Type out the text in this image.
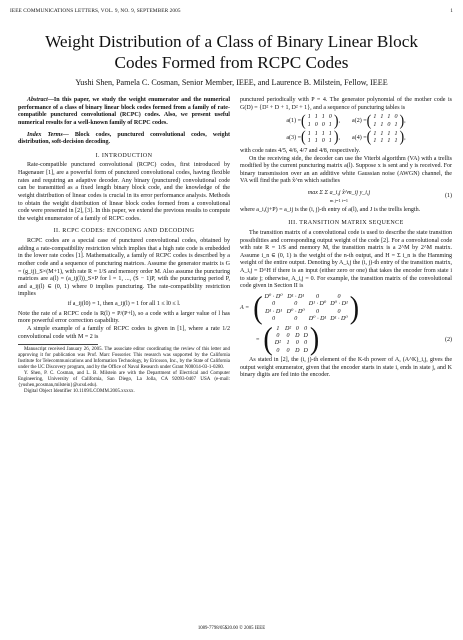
IEEE COMMUNICATIONS LETTERS, VOL. 9, NO. 9, SEPTEMBER 2005	1
Weight Distribution of a Class of Binary Linear Block Codes Formed from RCPC Codes
Yushi Shen, Pamela C. Cosman, Senior Member, IEEE, and Laurence B. Milstein, Fellow, IEEE

Abstract—In this paper, we study the weight enumerator and the numerical performance of a class of binary linear block codes formed from a family of rate-compatible punctured convolutional (RCPC) codes. Also, we present useful numerical results for a well-known family of RCPC codes.

Index Terms— Block codes, punctured convolutional codes, weight distribution, soft-decision decoding.

I. INTRODUCTION

Rate-compatible punctured convolutional (RCPC) codes, first introduced by Hagenauer [1], are a powerful form of punctured convolutional codes, having flexible rates and requiring an adaptive decoder. Any binary (punctured) convolutional code can be transmitted as a fixed length binary block code, and the knowledge of the weight distribution of linear codes is crucial in its error performance analysis. Methods to obtain the weight distribution of linear block codes formed from a convolutional code were presented in [2], [3]. In this paper, we extend the previous results to compute the weight enumerator of a family of RCPC codes.

II. RCPC CODES: ENCODING AND DECODING

RCPC codes are a special case of punctured convolutional codes, obtained by adding a rate-compatibility restriction which implies that a high rate code is embedded in the lower rate codes [1]. Mathematically, a family of RCPC codes is described by a mother code and a sequence of puncturing matrices. Assume the generator matrix is G = (g_ij)_S×(M+1), with rate R = 1/S and memory order M. Also assume the puncturing matrices are a(l) = (a_ij(l))_S×P for l = 1, ..., (S − 1)P, with the puncturing period P, and a_ij(l) ∈ (0, 1) where 0 implies puncturing. The rate-compatibility restriction implies

if a_ij(l0) = 1, then a_ij(l) = 1 for all 1 ≤ l0 ≤ l.

Note the rate of a RCPC code is R(l) = P/(P+l), so a code with a larger value of l has more powerful error correction capability.

A simple example of a family of RCPC codes is given in [1], where a rate 1/2 convolutional code with M = 2 is

Manuscript received January 26, 2005. The associate editor coordinating the review of this letter and approving it for publication was Prof. Marc Fossorier. This research was supported by the California Institute for Telecommunications and Information Technology, by Ericsson, Inc., by the State of California under the UC Discovery program, and by the Office of Naval Research under Grant N00014-03-1-0280.

Y. Shen, P. C. Cosman, and L. B. Milstein are with the Department of Electrical and Computer Engineering, University of California, San Diego, La Jolla, CA 92093-0407 USA (e-mail: {yushen,pcosman,milstein}@ucsd.edu).

Digital Object Identifier 10.1109/LCOMM.2005.xxxxx.

punctured periodically with P = 4. The generator polynomial of the mother code is G(D) = {D² + D + 1, D² + 1}, and a sequence of puncturing tables is

a(1) = ( 1	1	1	0
1	0	0	1 ) , a(2) = ( 1	1	1	0
1	1	0	1 ) ,
a(3) = ( 1	1	1	1
1	1	0	1 ) , a(4) = ( 1	1	1	1
1	1	1	1 ) ,

with code rates 4/5, 4/6, 4/7 and 4/8, respectively.

On the receiving side, the decoder can use the Viterbi algorithm (VA) with a trellis modified by the current puncturing matrix a(l). Suppose x is sent and y is received. For binary transmission over an an additive white Gaussian noise (AWGN) channel, the VA will find the path x̂^m which satisfies

max Σ Σ a_i,j x̂^m_ij y_i,j
m j=1 i=1
(1)

where a_i,(j+P) = a_ij is the (i, j)-th entry of a(l), and J is the trellis length.

III. TRANSITION MATRIX SEQUENCE

The transition matrix of a convolutional code is used to describe the state transition possibilities and corresponding output weight of the code [2]. For a convolutional code with rate R = 1/S and memory M, the transition matrix is a 2^M by 2^M matrix. Assume i_n ∈ (0, 1) is the weight of the n-th output, and H = Σ i_n is the Hamming weight of the entire output. Denoting by A_i,j the (i, j)-th entry of the transition matrix, A_i,j = D^H if there is an input (either zero or one) that takes the encoder from state i to state j; otherwise, A_i,j = 0. For example, the transition matrix of the convolutional code given in Section II is

A = ( D⁰ · D⁰	D¹ · D¹	0	0
0	0	D¹ · D⁰	D⁰ · D¹
D¹ · D¹	D⁰ · D⁰	0	0
0	0	D⁰ · D¹	D¹ · D⁰ )
= ( 1	D²	0	0
0	0	D	D
D²	1	0	0
0	0	D	D )	(2)

As stated in [2], the (i, j)-th element of the K-th power of A, (A^K)_i,j, gives the output weight enumerator, given that the encoder starts in state i, ends in state j, and K binary digits are fed into the encoder.

1089-7798/05$20.00 © 2005 IEEE
